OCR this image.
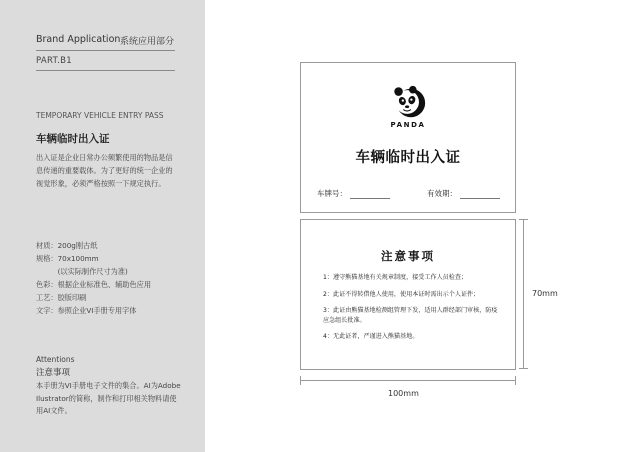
Brand Application 系统应用部分
PART.B1
TEMPORARY VEHICLE ENTRY PASS
车辆临时出入证
出入证是企业日常办公频繁使用的物品是信息传递的重要载体。为了更好的统一企业的视觉形象，必须严格按照一下规定执行。
材质：200g刚古纸
规格：70x100mm
　　　(以实际制作尺寸为准)
色彩：根据企业标准色、辅助色应用
工艺：胶版印刷
文字：参照企业VI手册专用字体
Attentions
注意事项
本手册为VI手册电子文件的集合。AI为Adobe Ilustrator的简称，制作和打印相关物料请使用AI文件。
PANDA
车辆临时出入证
车牌号：	有效期：
注意事项
1：遵守熊猫基地有关规章制度，接受工作人员检查；
2：此证不得转借他人使用，使用本证时需出示个人证件；
3：此证由熊猫基地检测组管理下发，适用人群经部门审核，防疫应急组长批准。
4：无此证者，严谨进入熊猫基地。
100mm
70mm
